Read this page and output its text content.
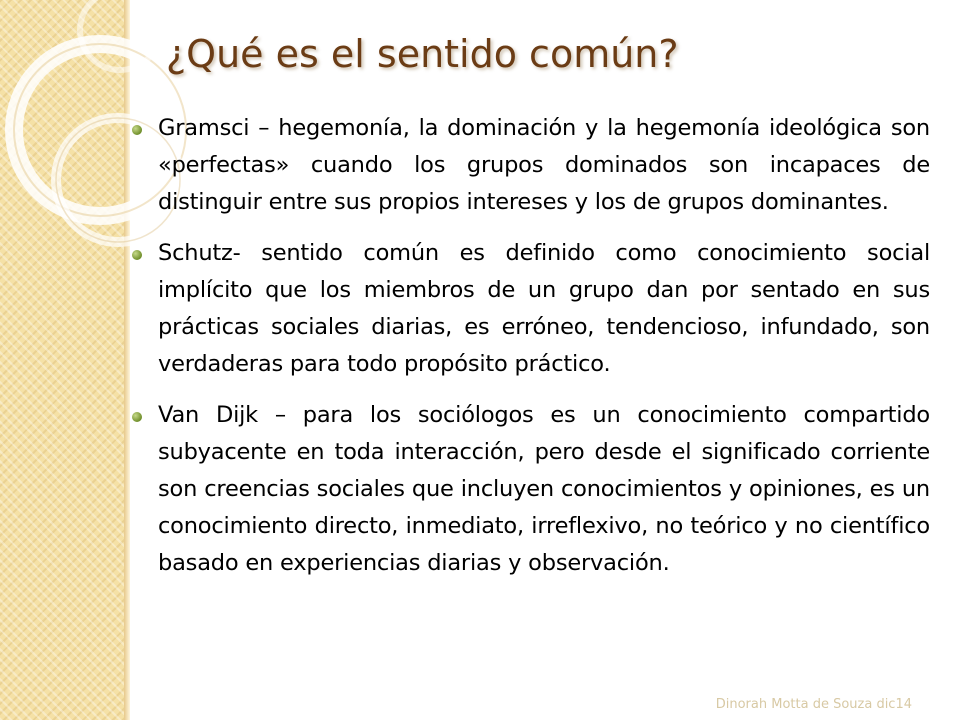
¿Qué es el sentido común?
Gramsci – hegemonía, la dominación y la hegemonía ideológica son «perfectas» cuando los grupos dominados son incapaces de distinguir entre sus propios intereses y los de grupos dominantes.
Schutz- sentido común es definido como conocimiento social implícito que los miembros de un grupo dan por sentado en sus prácticas sociales diarias, es erróneo, tendencioso, infundado, son verdaderas para todo propósito práctico.
Van Dijk – para los sociólogos es un conocimiento compartido subyacente en toda interacción, pero desde el significado corriente son creencias sociales que incluyen conocimientos y opiniones, es un conocimiento directo, inmediato, irreflexivo, no teórico y no científico basado en experiencias diarias y observación.
Dinorah Motta de Souza dic14
